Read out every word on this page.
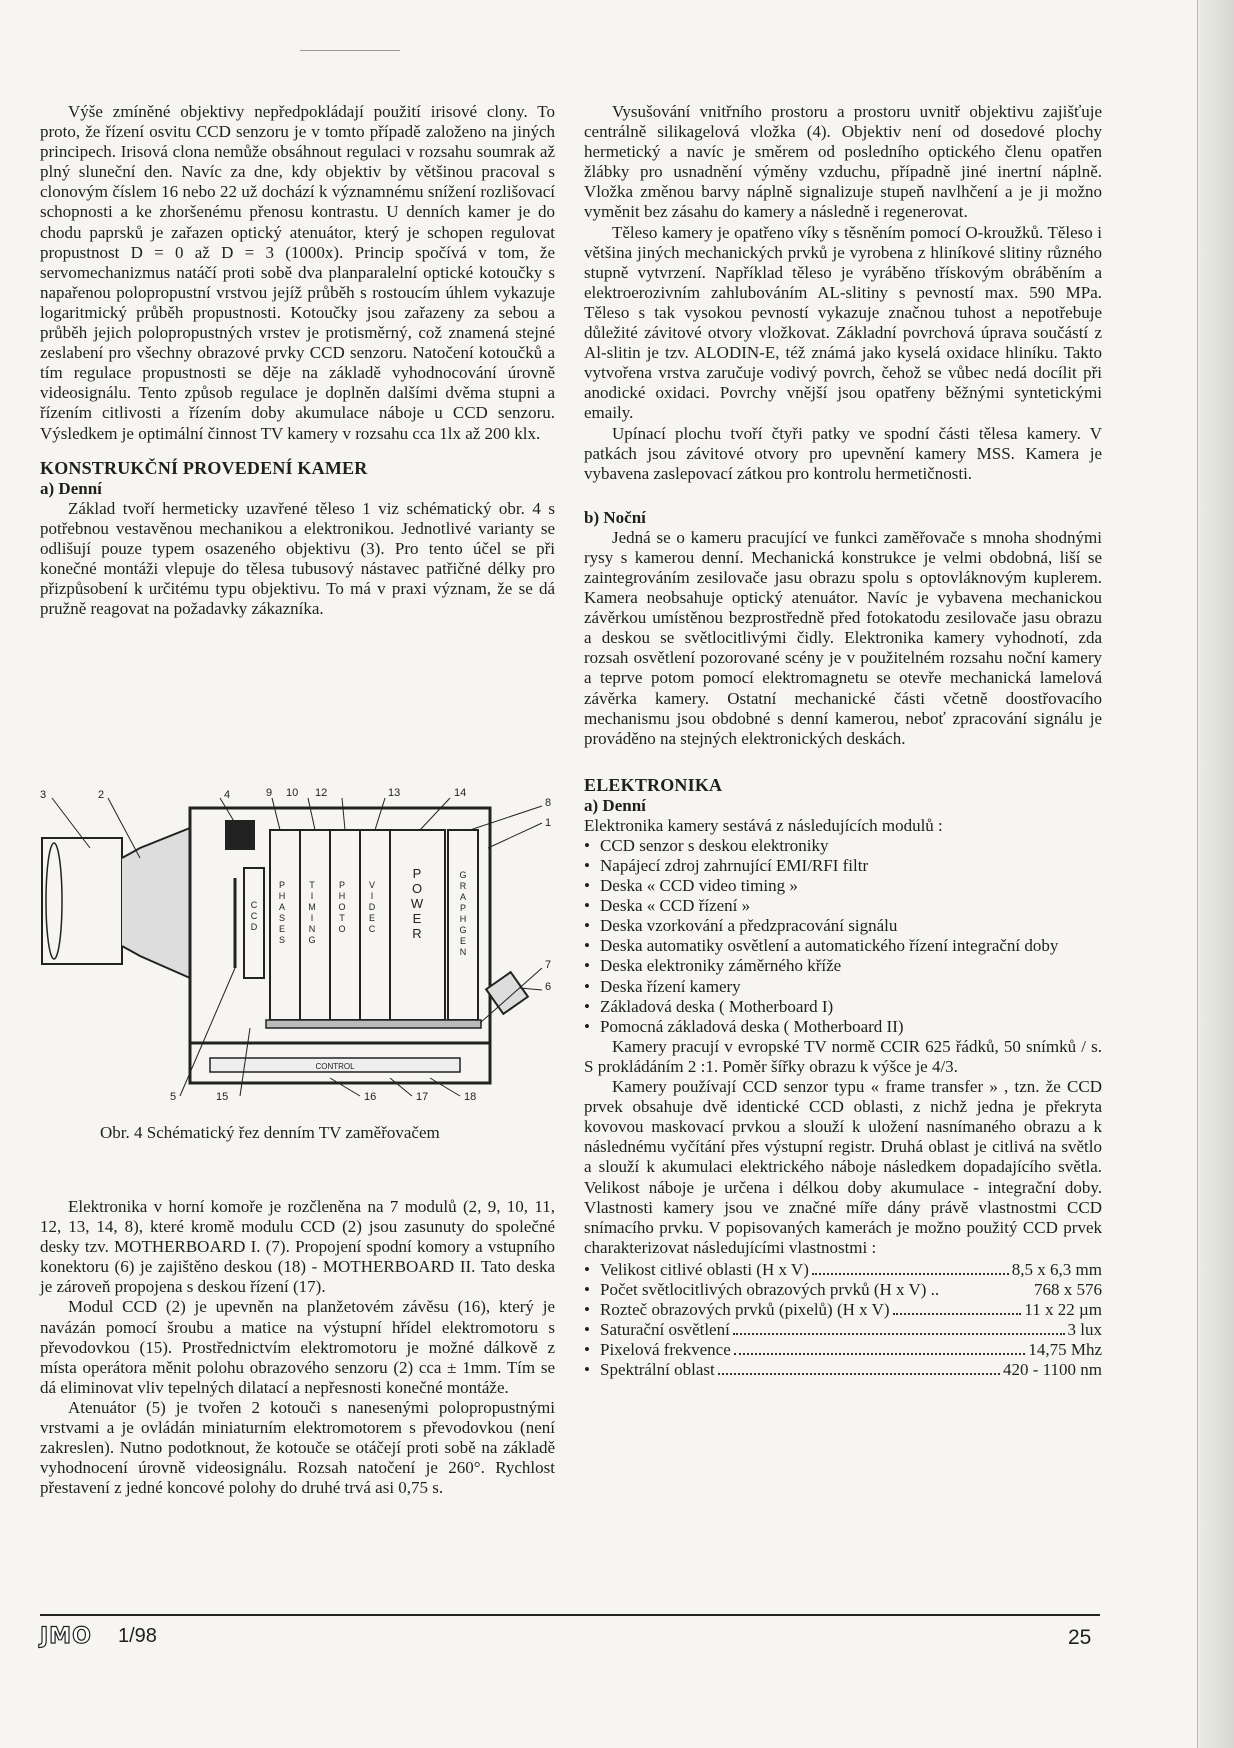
Výše zmíněné objektivy nepředpokládají použití irisové clony. To proto, že řízení osvitu CCD senzoru je v tomto případě založeno na jiných principech. Irisová clona nemůže obsáhnout regulaci v rozsahu soumrak až plný sluneční den. Navíc za dne, kdy objektiv by většinou pracoval s clonovým číslem 16 nebo 22 už dochází k významnému snížení rozlišovací schopnosti a ke zhoršenému přenosu kontrastu. U denních kamer je do chodu paprsků je zařazen optický atenuátor, který je schopen regulovat propustnost D = 0 až D = 3 (1000x). Princip spočívá v tom, že servomechanizmus natáčí proti sobě dva planparalelní optické kotoučky s napařenou polopropustní vrstvou jejíž průběh s rostoucím úhlem vykazuje logaritmický průběh propustnosti. Kotoučky jsou zařazeny za sebou a průběh jejich polopropustných vrstev je protisměrný, což znamená stejné zeslabení pro všechny obrazové prvky CCD senzoru. Natočení kotoučků a tím regulace propustnosti se děje na základě vyhodnocování úrovně videosignálu. Tento způsob regulace je doplněn dalšími dvěma stupni a řízením citlivosti a řízením doby akumulace náboje u CCD senzoru. Výsledkem je optimální činnost TV kamery v rozsahu cca 1lx až 200 klx.

KONSTRUKČNÍ PROVEDENÍ KAMER
a) Denní

Základ tvoří hermeticky uzavřené těleso 1 viz schématický obr. 4 s potřebnou vestavěnou mechanikou a elektronikou. Jednotlivé varianty se odlišují pouze typem osazeného objektivu (3). Pro tento účel se při konečné montáži vlepuje do tělesa tubusový nástavec patřičné délky pro přizpůsobení k určitému typu objektivu. To má v praxi význam, že se dá pružně reagovat na požadavky zákazníka.

P
H
A
S
E
S
T
I
M
I
N
G
P
H
O
T
O
V
I
D
E
C
P
O
W
E
R
G
R
A
P
H
G
E
N
C
C
D
CONTROL
3	2	4	9 10 12	13	14
8
1
7
6
5	15	16	17	18
Obr. 4 Schématický řez denním TV zaměřovačem

Elektronika v horní komoře je rozčleněna na 7 modulů (2, 9, 10, 11, 12, 13, 14, 8), které kromě modulu CCD (2) jsou zasunuty do společné desky tzv. MOTHERBOARD I. (7). Propojení spodní komory a vstupního konektoru (6) je zajištěno deskou (18) - MOTHERBOARD II. Tato deska je zároveň propojena s deskou řízení (17).

Modul CCD (2) je upevněn na planžetovém závěsu (16), který je navázán pomocí šroubu a matice na výstupní hřídel elektromotoru s převodovkou (15). Prostřednictvím elektromotoru je možné dálkově z místa operátora měnit polohu obrazového senzoru (2) cca ± 1mm. Tím se dá eliminovat vliv tepelných dilatací a nepřesnosti konečné montáže.

Atenuátor (5) je tvořen 2 kotouči s nanesenými polopropustnými vrstvami a je ovládán miniaturním elektromotorem s převodovkou (není zakreslen). Nutno podotknout, že kotouče se otáčejí proti sobě na základě vyhodnocení úrovně videosignálu. Rozsah natočení je 260°. Rychlost přestavení z jedné koncové polohy do druhé trvá asi 0,75 s.

Vysušování vnitřního prostoru a prostoru uvnitř objektivu zajišťuje centrálně silikagelová vložka (4). Objektiv není od dosedové plochy hermetický a navíc je směrem od posledního optického členu opatřen žlábky pro usnadnění výměny vzduchu, případně jiné inertní náplně. Vložka změnou barvy náplně signalizuje stupeň navlhčení a je ji možno vyměnit bez zásahu do kamery a následně i regenerovat.

Těleso kamery je opatřeno víky s těsněním pomocí O-kroužků. Těleso i většina jiných mechanických prvků je vyrobena z hliníkové slitiny různého stupně vytvrzení. Například těleso je vyráběno třískovým obráběním a elektroerozivním zahlubováním AL-slitiny s pevností max. 590 MPa. Těleso s tak vysokou pevností vykazuje značnou tuhost a nepotřebuje důležité závitové otvory vložkovat. Základní povrchová úprava součástí z Al-slitin je tzv. ALODIN-E, též známá jako kyselá oxidace hliníku. Takto vytvořena vrstva zaručuje vodivý povrch, čehož se vůbec nedá docílit při anodické oxidaci. Povrchy vnější jsou opatřeny běžnými syntetickými emaily.

Upínací plochu tvoří čtyři patky ve spodní části tělesa kamery. V patkách jsou závitové otvory pro upevnění kamery MSS. Kamera je vybavena zaslepovací zátkou pro kontrolu hermetičnosti.

b) Noční

Jedná se o kameru pracující ve funkci zaměřovače s mnoha shodnými rysy s kamerou denní. Mechanická konstrukce je velmi obdobná, liší se zaintegrováním zesilovače jasu obrazu spolu s optovláknovým kuplerem. Kamera neobsahuje optický atenuátor. Navíc je vybavena mechanickou závěrkou umístěnou bezprostředně před fotokatodu zesilovače jasu obrazu a deskou se světlocitlivými čidly. Elektronika kamery vyhodnotí, zda rozsah osvětlení pozorované scény je v použitelném rozsahu noční kamery a teprve potom pomocí elektromagnetu se otevře mechanická lamelová závěrka kamery. Ostatní mechanické části včetně doostřovacího mechanismu jsou obdobné s denní kamerou, neboť zpracování signálu je prováděno na stejných elektronických deskách.

ELEKTRONIKA
a) Denní

Elektronika kamery sestává z následujících modulů :

• CCD senzor s deskou elektroniky
• Napájecí zdroj zahrnující EMI/RFI filtr
• Deska « CCD video timing »
• Deska « CCD řízení »
• Deska vzorkování a předzpracování signálu
• Deska automatiky osvětlení a automatického řízení integrační doby
• Deska elektroniky záměrného kříže
• Deska řízení kamery
• Základová deska ( Motherboard I)
• Pomocná základová deska ( Motherboard II)

Kamery pracují v evropské TV normě CCIR 625 řádků, 50 snímků / s. S prokládáním 2 :1. Poměr šířky obrazu k výšce je 4/3.

Kamery používají CCD senzor typu « frame transfer » , tzn. že CCD prvek obsahuje dvě identické CCD oblasti, z nichž jedna je překryta kovovou maskovací prvkou a slouží k uložení nasnímaného obrazu a k následnému vyčítání přes výstupní registr. Druhá oblast je citlivá na světlo a slouží k akumulaci elektrického náboje následkem dopadajícího světla. Velikost náboje je určena i délkou doby akumulace - integrační doby. Vlastnosti kamery jsou ve značné míře dány právě vlastnostmi CCD snímacího prvku. V popisovaných kamerách je možno použitý CCD prvek charakterizovat následujícími vlastnostmi :

• Velikost citlivé oblasti (H x V)	8,5 x 6,3 mm
• Počet světlocitlivých obrazových prvků (H x V) ..	768 x 576
• Rozteč obrazových prvků (pixelů) (H x V)	11 x 22 µm
• Saturační osvětlení	3 lux
• Pixelová frekvence	14,75 Mhz
• Spektrální oblast	420 - 1100 nm
JMO 1/98	25
